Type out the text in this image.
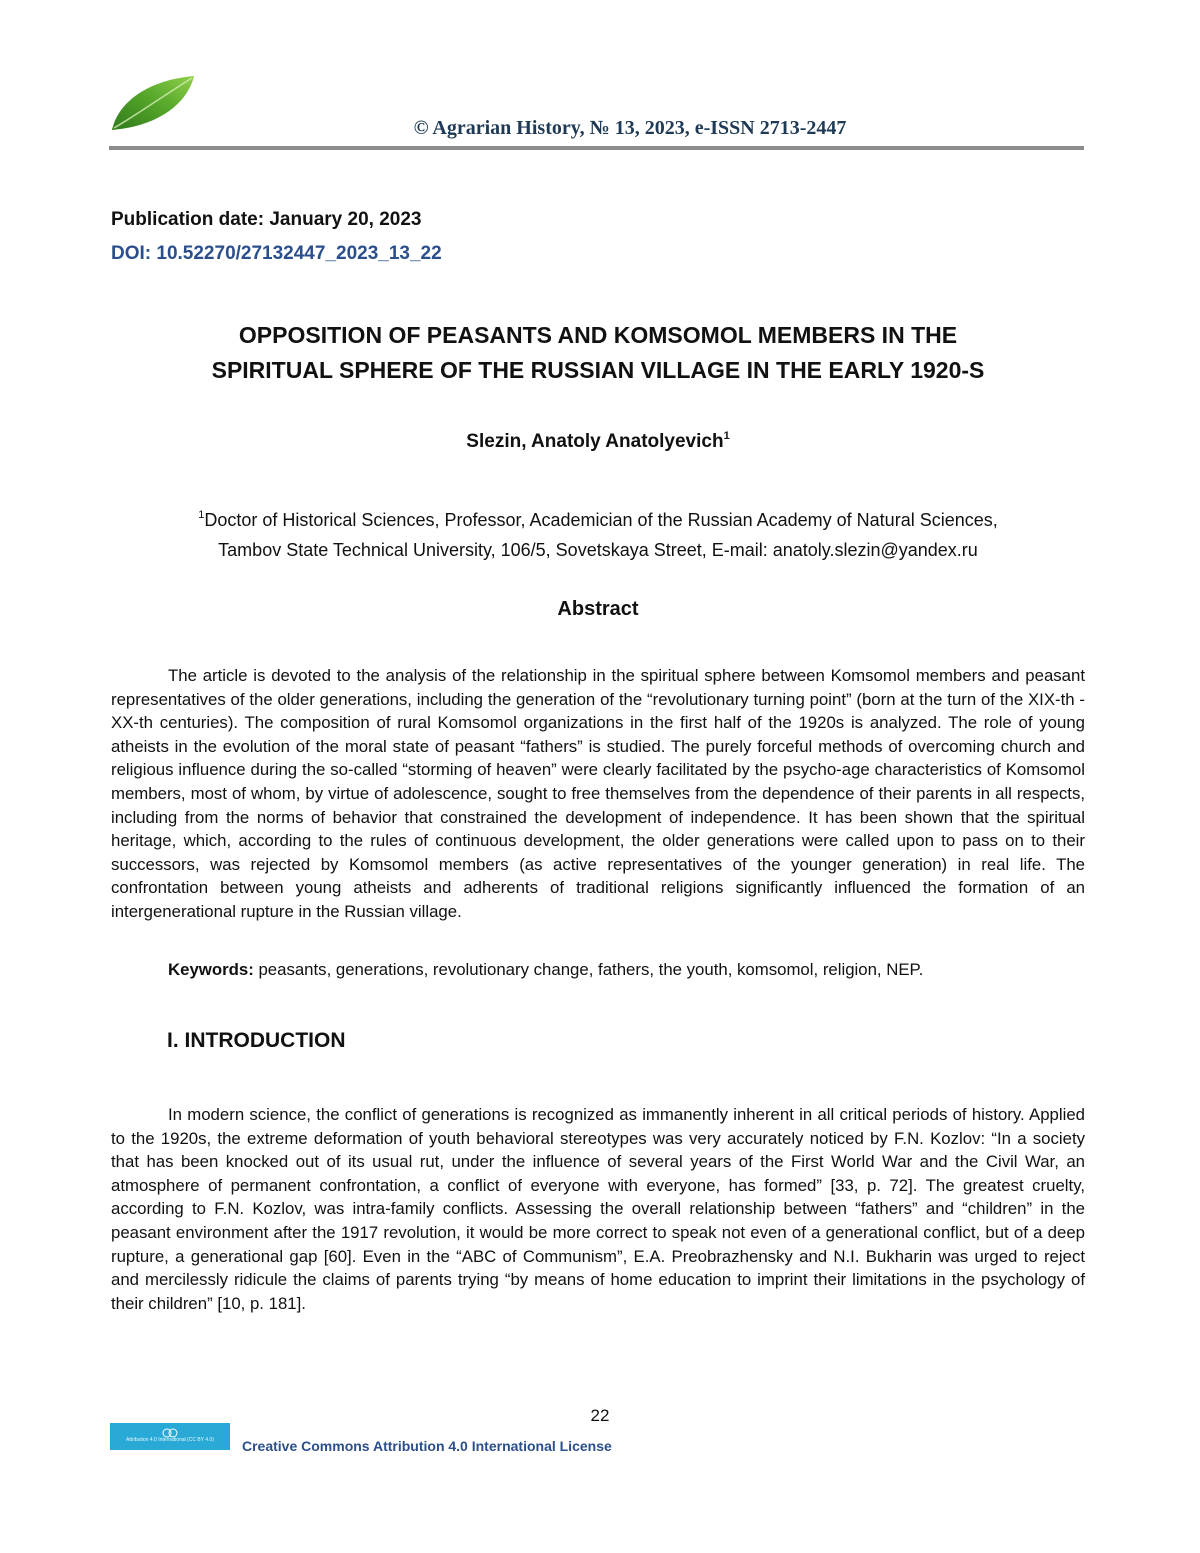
© Agrarian History, № 13, 2023, e-ISSN 2713-2447
Publication date: January 20, 2023
DOI: 10.52270/27132447_2023_13_22
OPPOSITION OF PEASANTS AND KOMSOMOL MEMBERS IN THE
SPIRITUAL SPHERE OF THE RUSSIAN VILLAGE IN THE EARLY 1920-S
Slezin, Anatoly Anatolyevich$^1$
$^1$Doctor of Historical Sciences, Professor, Academician of the Russian Academy of Natural Sciences,
Tambov State Technical University, 106/5, Sovetskaya Street, E-mail: anatoly.slezin@yandex.ru
Abstract

The article is devoted to the analysis of the relationship in the spiritual sphere between Komsomol members and peasant representatives of the older generations, including the generation of the “revolutionary turning point” (born at the turn of the XIX-th - XX-th centuries). The composition of rural Komsomol organizations in the first half of the 1920s is analyzed. The role of young atheists in the evolution of the moral state of peasant “fathers” is studied. The purely forceful methods of overcoming church and religious influence during the so-called “storming of heaven” were clearly facilitated by the psycho-age characteristics of Komsomol members, most of whom, by virtue of adolescence, sought to free themselves from the dependence of their parents in all respects, including from the norms of behavior that constrained the development of independence. It has been shown that the spiritual heritage, which, according to the rules of continuous development, the older generations were called upon to pass on to their successors, was rejected by Komsomol members (as active representatives of the younger generation) in real life. The confrontation between young atheists and adherents of traditional religions significantly influenced the formation of an intergenerational rupture in the Russian village.

Keywords: peasants, generations, revolutionary change, fathers, the youth, komsomol, religion, NEP.
I. INTRODUCTION

In modern science, the conflict of generations is recognized as immanently inherent in all critical periods of history. Applied to the 1920s, the extreme deformation of youth behavioral stereotypes was very accurately noticed by F.N. Kozlov: “In a society that has been knocked out of its usual rut, under the influence of several years of the First World War and the Civil War, an atmosphere of permanent confrontation, a conflict of everyone with everyone, has formed” [33, p. 72]. The greatest cruelty, according to F.N. Kozlov, was intra-family conflicts. Assessing the overall relationship between “fathers” and “children” in the peasant environment after the 1917 revolution, it would be more correct to speak not even of a generational conflict, but of a deep rupture, a generational gap [60]. Even in the “ABC of Communism”, E.A. Preobrazhensky and N.I. Bukharin was urged to reject and mercilessly ridicule the claims of parents trying “by means of home education to imprint their limitations in the psychology of their children” [10, p. 181].

22
Attribution 4.0 International (CC BY 4.0)	Creative Commons Attribution 4.0 International License
